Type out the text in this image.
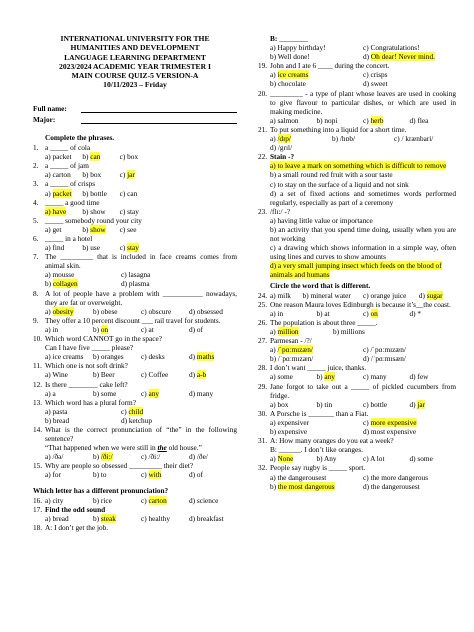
INTERNATIONAL UNIVERSITY FOR THE
HUMANITIES AND DEVELOPMENT
LANGUAGE LEARNING DEPARTMENT
2023/2024 ACADEMIC YEAR TRIMESTER I
MAIN COURSE QUIZ-5 VERSION-A
10/11/2023 – Friday
Full name:
Major:
Complete the phrases.
1. a _____ of cola
a) packet	b) can	c) box
2. a _____ of jam
a) carton	b) box	c) jar
3. a _____ of crisps
a) packet	b) bottle	c) can
4. _____ a good time
a) have	b) show	c) stay
5. _____ somebody round your city
a) get	b) show	c) see
6. _____ in a hotel
a) find	b) use	c) stay
7. The _________ that is included in face creams comes from animal skin.
a) mousse	c) lasagna
b) collagen	d) plasma
8. A lot of people have a problem with ___________ nowadays, they are fat or overweight.
a) obesity	b) obese	c) obscure	d) obsessed
9. They offer a 10 percent discount ___ rail travel for students.
a) in	b) on	c) at	d) of
10. Which word CANNOT go in the space?
Can I have five _____ please?
a) ice creams	b) oranges	c) desks	d) maths
11. Which one is not soft drink?
a) Wine	b) Beer	c) Coffee	d) a-b
12. Is there ________ cake left?
a) a	b) some	c) any	d) many
13. Which word has a plural form?
a) pasta	c) child
b) bread	d) ketchup
14. What is the correct pronunciation of “the” in the following sentence?
“That happened when we were still in the old house.”
a) /ðə/	b) /ði:/	c) /ðiː/	d) /ðe/
15. Why are people so obsessed _________ their diet?
a) for	b) to	c) with	d) of
Which letter has a different pronunciation?
16. a) city	b) rice	c) carton	d) science
17. Find the odd sound
a) bread	b) steak	c) healthy	d) breakfast
18. A: I don’t get the job.
B: ________
a) Happy birthday!	c) Congratulations!
b) Well done!	d) Oh dear! Never mind.
19. John and I ate 6 ____ during the concert.
a) ice creams	c) crisps
b) chocolate	d) sweet
20. _________ - a type of plant whose leaves are used in cooking to give flavour to particular dishes, or which are used in making medicine.
a) salmon	b) nopi	c) herb	d) flea
21. To put something into a liquid for a short time.
a) /dɪp/	b) /hɒb/	c) / krænbari/
d) /grɪl/
22. Stain -?
a) to leave a mark on something which is difficult to remove
b) a small round red fruit with a sour taste
c) to stay on the surface of a liquid and not sink
d) a set of fixed actions and sometimes words performed regularly, especially as part of a ceremony
23. /flɪ:/ -?
a) having little value or importance
b) an activity that you spend time doing, usually when you are not working
c) a drawing which shows information in a simple way, often using lines and curves to show amounts
d) a very small jumping insect which feeds on the blood of animals and humans
Circle the word that is different.
24. a) milk	b) mineral water	c) orange juice	d) sugar
25. One reason Maura loves Edinburgh is because it’s__the coast.
a) in	b) at	c) on	d) *
26. The population is about three _____.
a) million	b) millions
27. Parmesan - /?/
a) /ˈpɑːmɪzæn/	c) /ˈpɑːmɪzæn/
b) /ˈpɑːmɪzæn/	d) /ˈpɑːmɪsæn/
28. I don’t want _____ juice, thanks.
a) some	b) any	c) many	d) few
29. Jane forgot to take out a _____ of pickled cucumbers from fridge.
a) box	b) tin	c) bottle	d) jar
30. A Porsche is _______ than a Fiat.
a) expensiver	c) more expensive
b) expensive	d) most expensive
31. A: How many oranges do you eat a week?
B: ______. I don’t like oranges.
a) None	b) Any	c) A lot	d) some
32. People say rugby is _____ sport.
a) the dangerousest	c) the more dangerous
b) the most dangerous	d) the dangerousest
